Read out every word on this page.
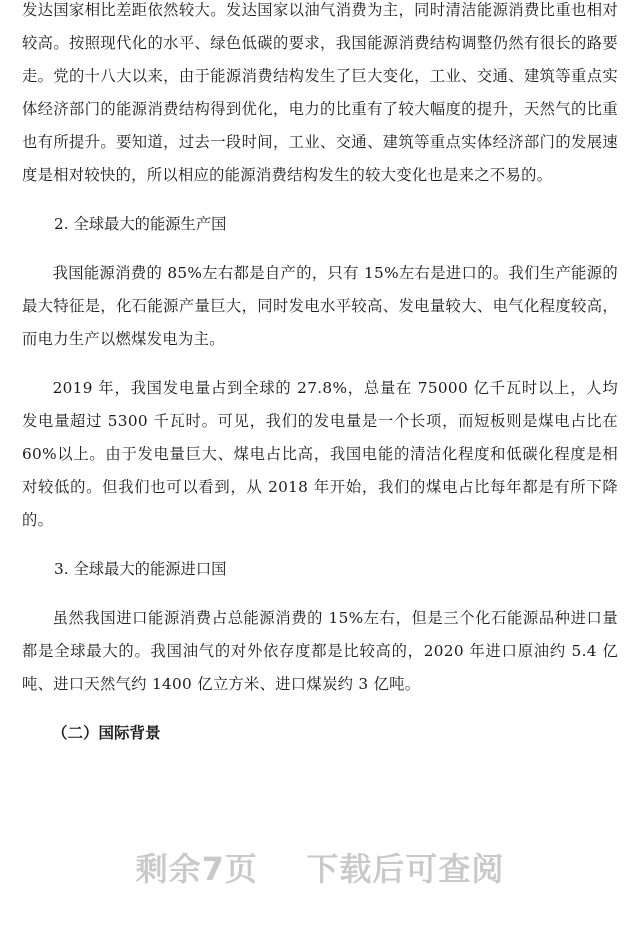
发达国家相比差距依然较大。发达国家以油气消费为主，同时清洁能源消费比重也相对较高。按照现代化的水平、绿色低碳的要求，我国能源消费结构调整仍然有很长的路要走。党的十八大以来，由于能源消费结构发生了巨大变化，工业、交通、建筑等重点实体经济部门的能源消费结构得到优化，电力的比重有了较大幅度的提升，天然气的比重也有所提升。要知道，过去一段时间，工业、交通、建筑等重点实体经济部门的发展速度是相对较快的，所以相应的能源消费结构发生的较大变化也是来之不易的。

2. 全球最大的能源生产国

我国能源消费的 85%左右都是自产的，只有 15%左右是进口的。我们生产能源的最大特征是，化石能源产量巨大，同时发电水平较高、发电量较大、电气化程度较高，而电力生产以燃煤发电为主。

2019 年，我国发电量占到全球的 27.8%，总量在 75000 亿千瓦时以上，人均发电量超过 5300 千瓦时。可见，我们的发电量是一个长项，而短板则是煤电占比在 60%以上。由于发电量巨大、煤电占比高，我国电能的清洁化程度和低碳化程度是相对较低的。但我们也可以看到，从 2018 年开始，我们的煤电占比每年都是有所下降的。

3. 全球最大的能源进口国

虽然我国进口能源消费占总能源消费的 15%左右，但是三个化石能源品种进口量都是全球最大的。我国油气的对外依存度都是比较高的，2020 年进口原油约 5.4 亿吨、进口天然气约 1400 亿立方米、进口煤炭约 3 亿吨。

（二）国际背景

剩余7页    下载后可查阅
